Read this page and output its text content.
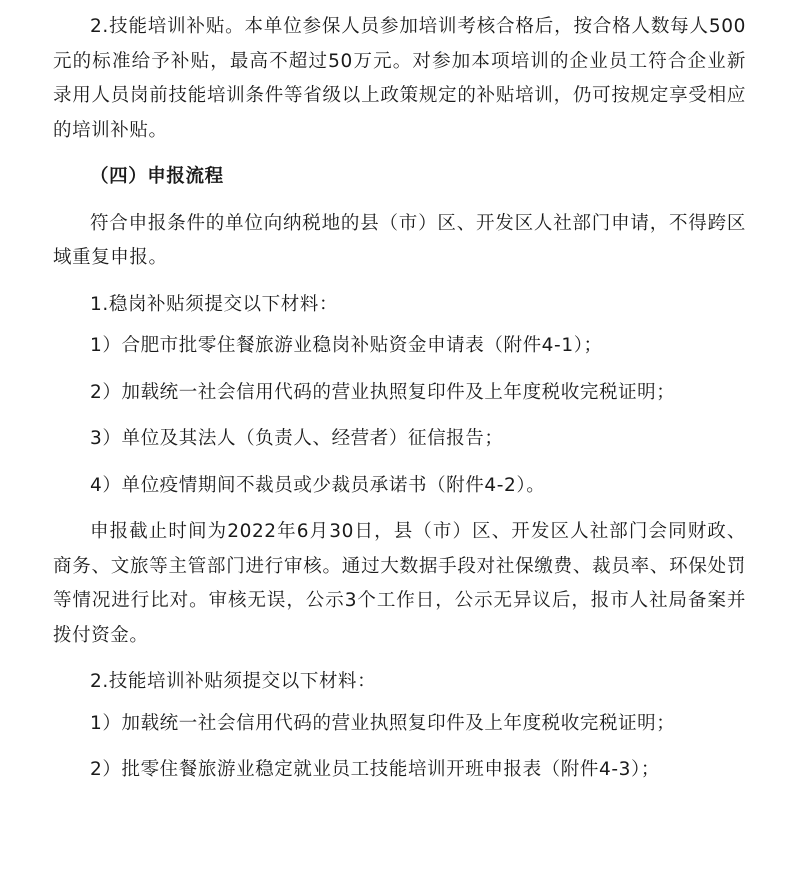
2.技能培训补贴。本单位参保人员参加培训考核合格后，按合格人数每人500元的标准给予补贴，最高不超过50万元。对参加本项培训的企业员工符合企业新录用人员岗前技能培训条件等省级以上政策规定的补贴培训，仍可按规定享受相应的培训补贴。

（四）申报流程

符合申报条件的单位向纳税地的县（市）区、开发区人社部门申请，不得跨区域重复申报。

1.稳岗补贴须提交以下材料：

1）合肥市批零住餐旅游业稳岗补贴资金申请表（附件4-1）；

2）加载统一社会信用代码的营业执照复印件及上年度税收完税证明；

3）单位及其法人（负责人、经营者）征信报告；

4）单位疫情期间不裁员或少裁员承诺书（附件4-2）。

申报截止时间为2022年6月30日，县（市）区、开发区人社部门会同财政、商务、文旅等主管部门进行审核。通过大数据手段对社保缴费、裁员率、环保处罚等情况进行比对。审核无误，公示3个工作日，公示无异议后，报市人社局备案并拨付资金。

2.技能培训补贴须提交以下材料：

1）加载统一社会信用代码的营业执照复印件及上年度税收完税证明；

2）批零住餐旅游业稳定就业员工技能培训开班申报表（附件4-3）；
